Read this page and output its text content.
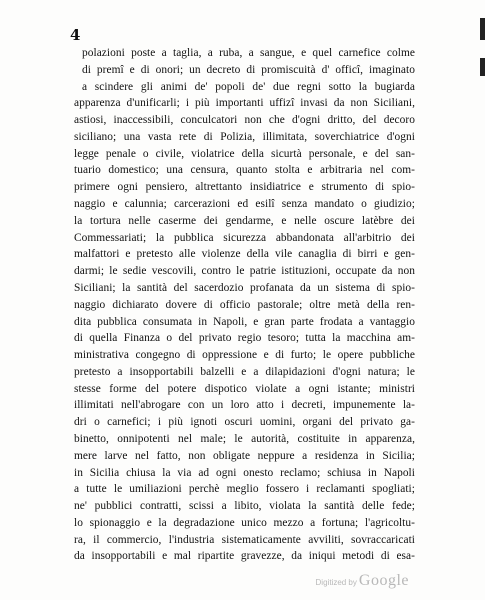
4
polazioni poste a taglia, a ruba, a sangue, e quel carnefice colme
di premî e di onori; un decreto di promiscuità d' officî, imaginato
a scindere gli animi de' popoli de' due regni sotto la bugiarda
apparenza d'unificarli; i più importanti uffizî invasi da non Siciliani,
astiosi, inaccessibili, conculcatori non che d'ogni dritto, del decoro
siciliano; una vasta rete di Polizia, illimitata, soverchiatrice d'ogni
legge penale o civile, violatrice della sicurtà personale, e del san-
tuario domestico; una censura, quanto stolta e arbitraria nel com-
primere ogni pensiero, altrettanto insidiatrice e strumento di spio-
naggio e calunnia; carcerazioni ed esilî senza mandato o giudizio;
la tortura nelle caserme dei gendarme, e nelle oscure latèbre dei
Commessariati; la pubblica sicurezza abbandonata all'arbitrio dei
malfattori e pretesto alle violenze della vile canaglia di birri e gen-
darmi; le sedie vescovili, contro le patrie istituzioni, occupate da non
Siciliani; la santità del sacerdozio profanata da un sistema di spio-
naggio dichiarato dovere di officio pastorale; oltre metà della ren-
dita pubblica consumata in Napoli, e gran parte frodata a vantaggio
di quella Finanza o del privato regio tesoro; tutta la macchina am-
ministrativa congegno di oppressione e di furto; le opere pubbliche
pretesto a insopportabili balzelli e a dilapidazioni d'ogni natura; le
stesse forme del potere dispotico violate a ogni istante; ministri
illimitati nell'abrogare con un loro atto i decreti, impunemente la-
dri o carnefici; i più ignoti oscuri uomini, organi del privato ga-
binetto, onnipotenti nel male; le autorità, costituite in apparenza,
mere larve nel fatto, non obligate neppure a residenza in Sicilia;
in Sicilia chiusa la via ad ogni onesto reclamo; schiusa in Napoli
a tutte le umiliazioni perchè meglio fossero i reclamanti spogliati;
ne' pubblici contratti, scissi a libito, violata la santità delle fede;
lo spionaggio e la degradazione unico mezzo a fortuna; l'agricoltu-
ra, il commercio, l'industria sistematicamente avviliti, sovraccaricati
da insopportabili e mal ripartite gravezze, da iniqui metodi di esa-
Digitized by Google
